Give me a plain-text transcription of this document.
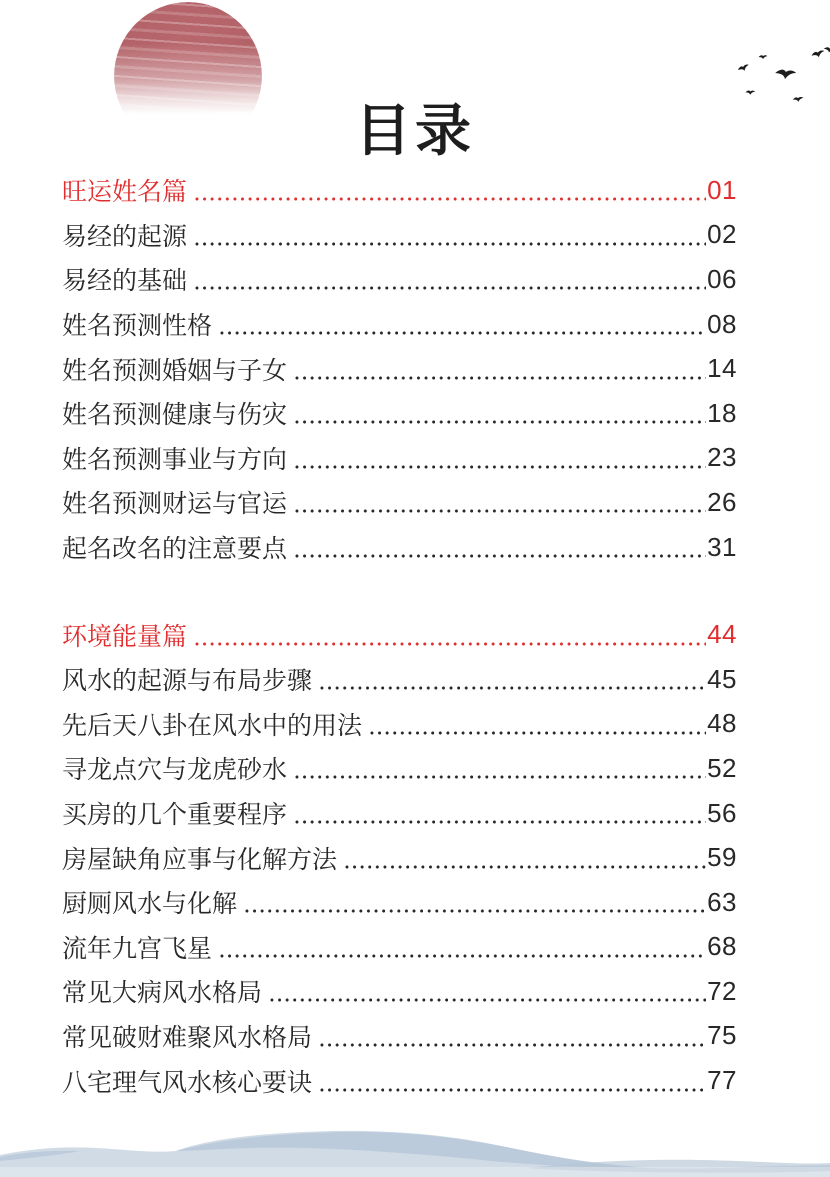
目录
旺运姓名篇	01
易经的起源	02
易经的基础	06
姓名预测性格	08
姓名预测婚姻与子女	14
姓名预测健康与伤灾	18
姓名预测事业与方向	23
姓名预测财运与官运	26
起名改名的注意要点	31
环境能量篇	44
风水的起源与布局步骤	45
先后天八卦在风水中的用法	48
寻龙点穴与龙虎砂水	52
买房的几个重要程序	56
房屋缺角应事与化解方法	59
厨厕风水与化解	63
流年九宫飞星	68
常见大病风水格局	72
常见破财难聚风水格局	75
八宅理气风水核心要诀	77
